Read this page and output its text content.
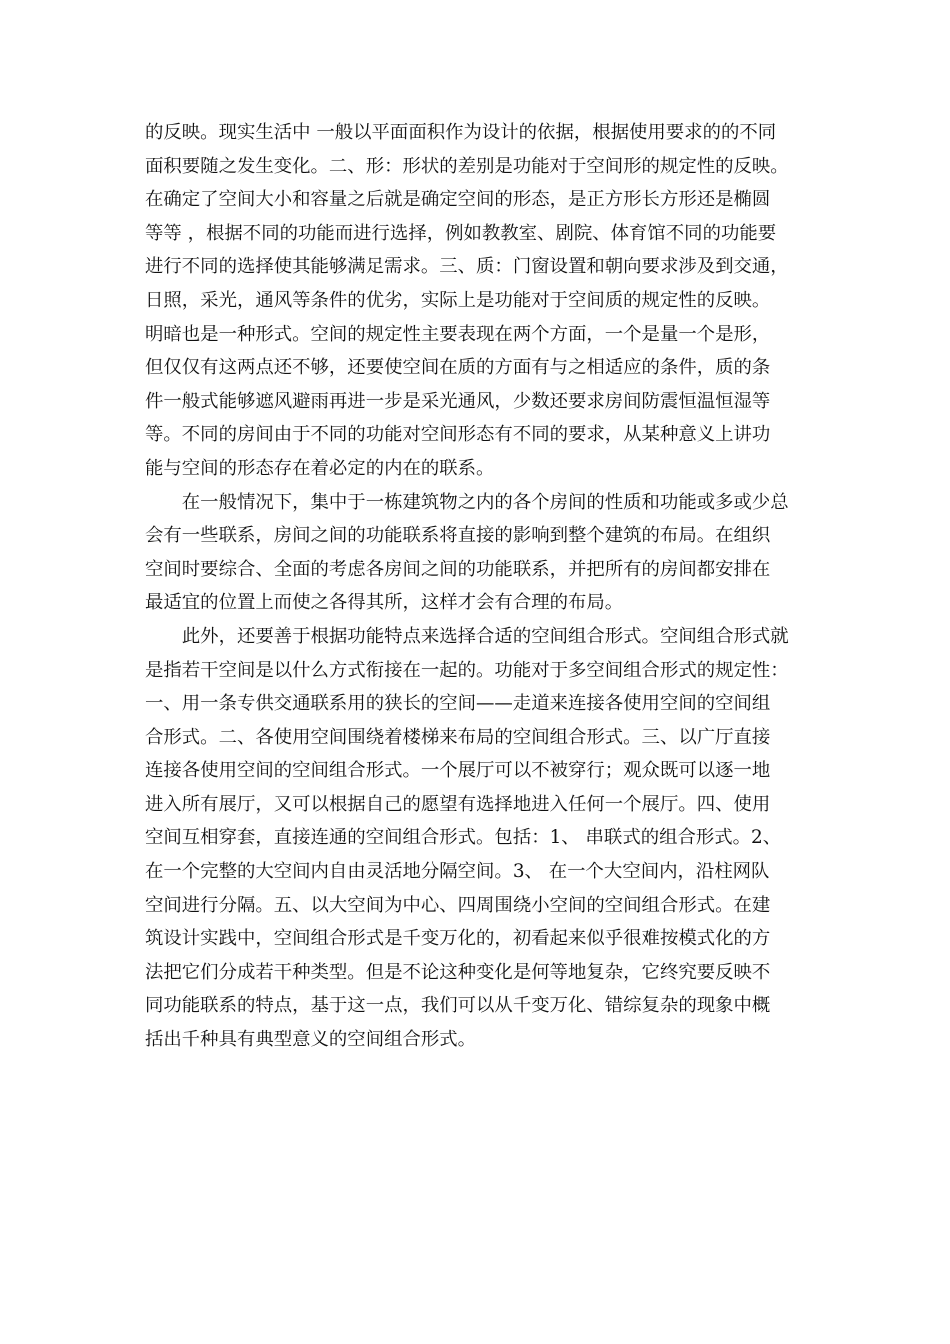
的反映。现实生活中 一般以平面面积作为设计的依据，根据使用要求的的不同
面积要随之发生变化。二、形：形状的差别是功能对于空间形的规定性的反映。
在确定了空间大小和容量之后就是确定空间的形态，是正方形长方形还是椭圆
等等 ，根据不同的功能而进行选择，例如教教室、剧院、体育馆不同的功能要
进行不同的选择使其能够满足需求。三、质：门窗设置和朝向要求涉及到交通，
日照，采光，通风等条件的优劣，实际上是功能对于空间质的规定性的反映。
明暗也是一种形式。空间的规定性主要表现在两个方面，一个是量一个是形，
但仅仅有这两点还不够，还要使空间在质的方面有与之相适应的条件，质的条
件一般式能够遮风避雨再进一步是采光通风，少数还要求房间防震恒温恒湿等
等。不同的房间由于不同的功能对空间形态有不同的要求，从某种意义上讲功
能与空间的形态存在着必定的内在的联系。
　　在一般情况下，集中于一栋建筑物之内的各个房间的性质和功能或多或少总
会有一些联系，房间之间的功能联系将直接的影响到整个建筑的布局。在组织
空间时要综合、全面的考虑各房间之间的功能联系，并把所有的房间都安排在
最适宜的位置上而使之各得其所，这样才会有合理的布局。
　　此外，还要善于根据功能特点来选择合适的空间组合形式。空间组合形式就
是指若干空间是以什么方式衔接在一起的。功能对于多空间组合形式的规定性：
一、用一条专供交通联系用的狭长的空间——走道来连接各使用空间的空间组
合形式。二、各使用空间围绕着楼梯来布局的空间组合形式。三、以广厅直接
连接各使用空间的空间组合形式。一个展厅可以不被穿行；观众既可以逐一地
进入所有展厅，又可以根据自己的愿望有选择地进入任何一个展厅。四、使用
空间互相穿套，直接连通的空间组合形式。包括：1、 串联式的组合形式。2、
在一个完整的大空间内自由灵活地分隔空间。3、 在一个大空间内，沿柱网队
空间进行分隔。五、以大空间为中心、四周围绕小空间的空间组合形式。在建
筑设计实践中，空间组合形式是千变万化的，初看起来似乎很难按模式化的方
法把它们分成若干种类型。但是不论这种变化是何等地复杂，它终究要反映不
同功能联系的特点，基于这一点，我们可以从千变万化、错综复杂的现象中概
括出千种具有典型意义的空间组合形式。
